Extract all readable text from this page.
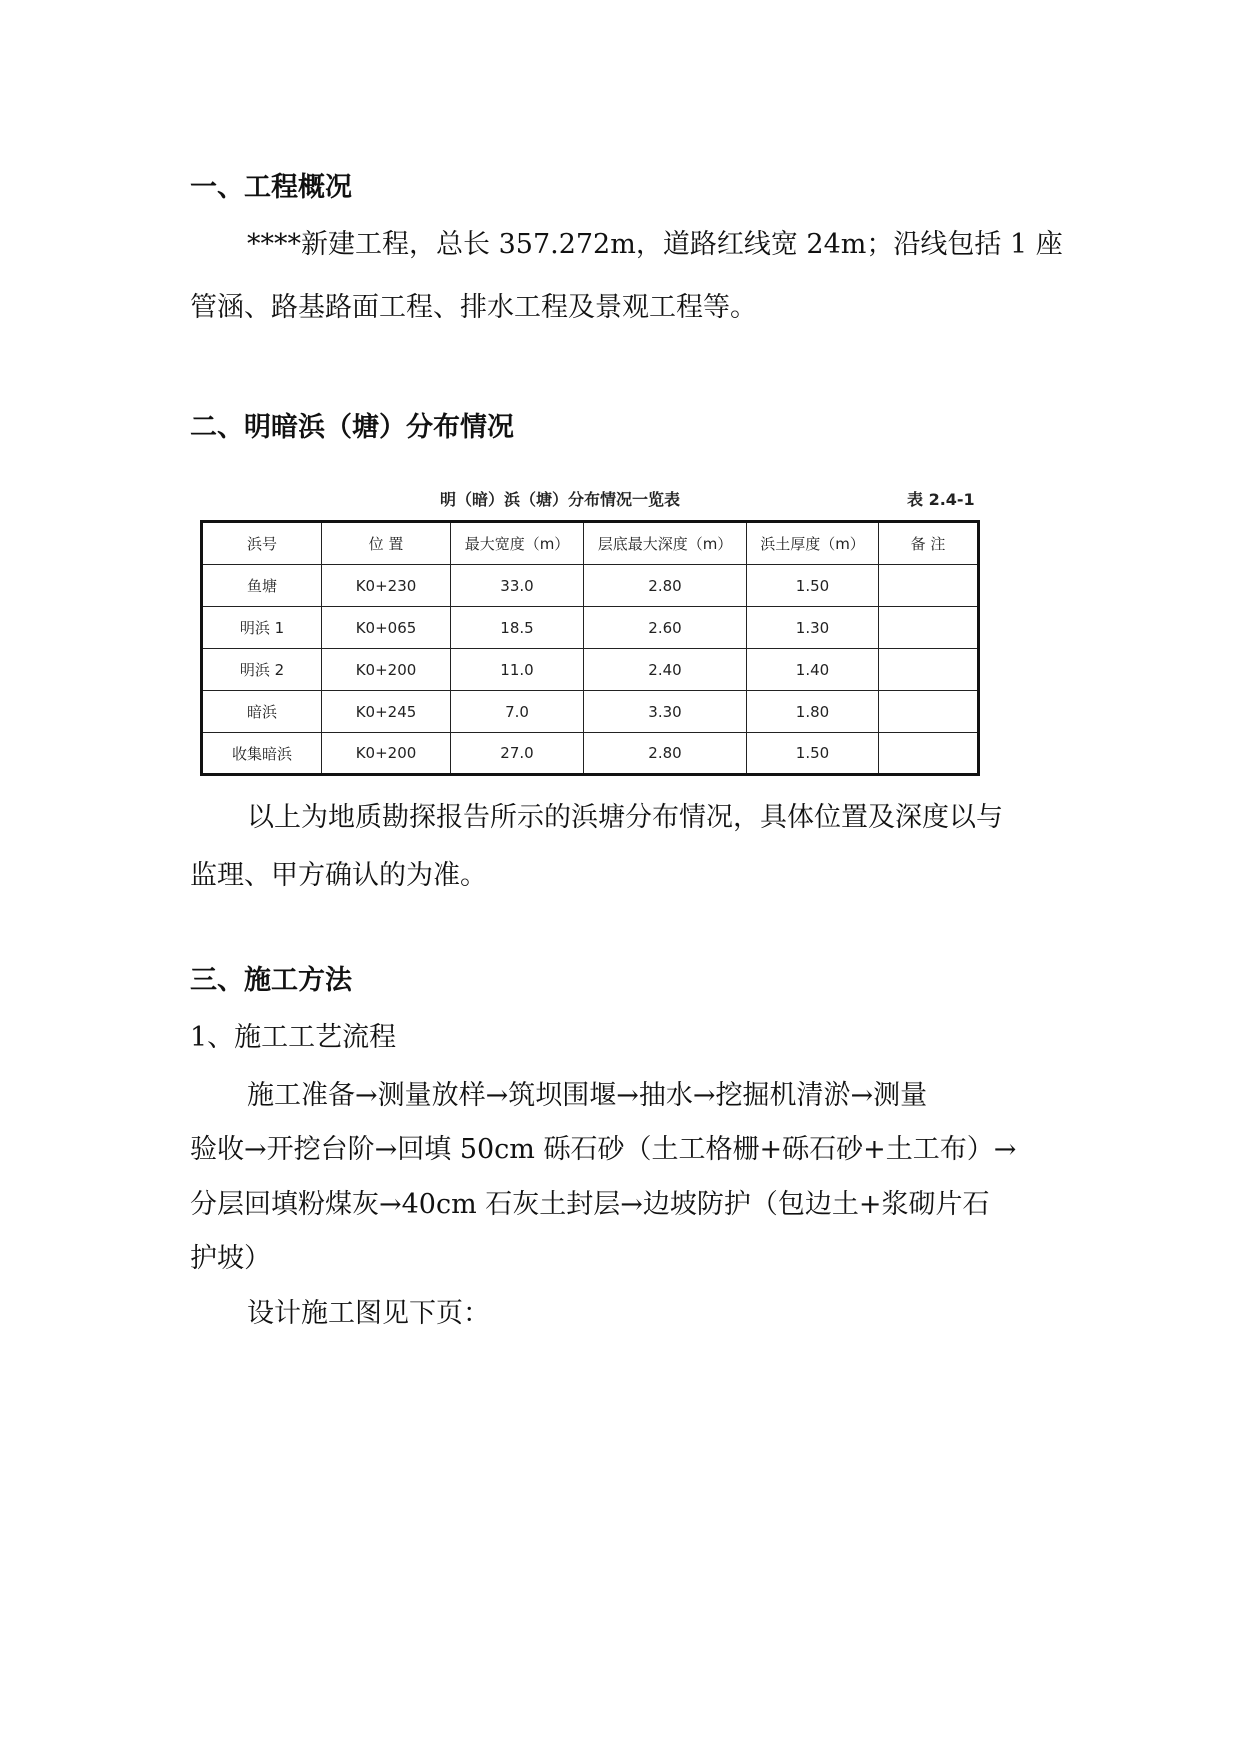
一、工程概况
****新建工程，总长 357.272m，道路红线宽 24m；沿线包括 1 座
管涵、路基路面工程、排水工程及景观工程等。
二、明暗浜（塘）分布情况
明（暗）浜（塘）分布情况一览表	表 2.4-1
浜号	位 置	最大宽度（m）	层底最大深度（m）	浜土厚度（m）	备 注
鱼塘	K0+230	33.0	2.80	1.50	
明浜 1	K0+065	18.5	2.60	1.30	
明浜 2	K0+200	11.0	2.40	1.40	
暗浜	K0+245	7.0	3.30	1.80	
收集暗浜	K0+200	27.0	2.80	1.50	
以上为地质勘探报告所示的浜塘分布情况，具体位置及深度以与
监理、甲方确认的为准。
三、施工方法
1、施工工艺流程
施工准备→测量放样→筑坝围堰→抽水→挖掘机清淤→测量
验收→开挖台阶→回填 50cm 砾石砂（土工格栅+砾石砂+土工布）→
分层回填粉煤灰→40cm 石灰土封层→边坡防护（包边土+浆砌片石
护坡）
设计施工图见下页：
